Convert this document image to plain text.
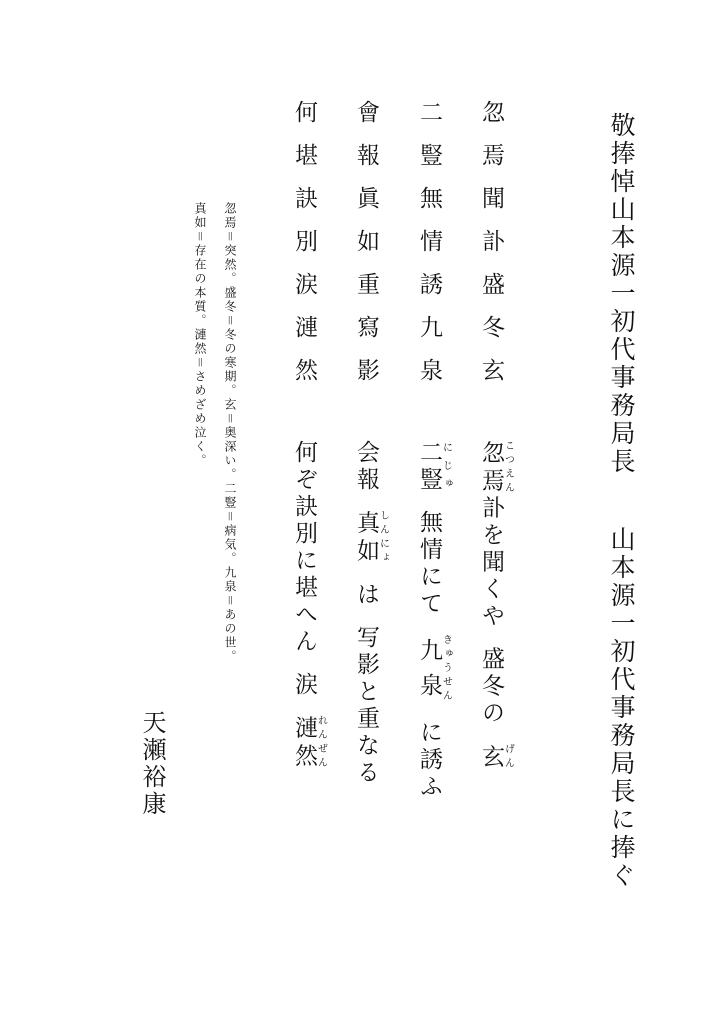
敬捧悼山本源一初代事務局長山本源一初代事務局長に捧ぐ
忽焉聞訃盛冬玄
二豎無情誘九泉
會報眞如重寫影
何堪訣別涙漣然
忽焉こつえん訃を聞くや盛冬の玄げん
二豎にじゅ無情にて九泉きゅうせんに誘ふ
会報真如しんにょは写影と重なる
何ぞ訣別に堪へん涙漣然れんぜん
忽焉＝突然。盛冬＝冬の寒期。玄＝奥深い。二豎＝病気。九泉＝あの世。
真如＝存在の本質。漣然＝さめざめ泣く。
天瀬裕康
